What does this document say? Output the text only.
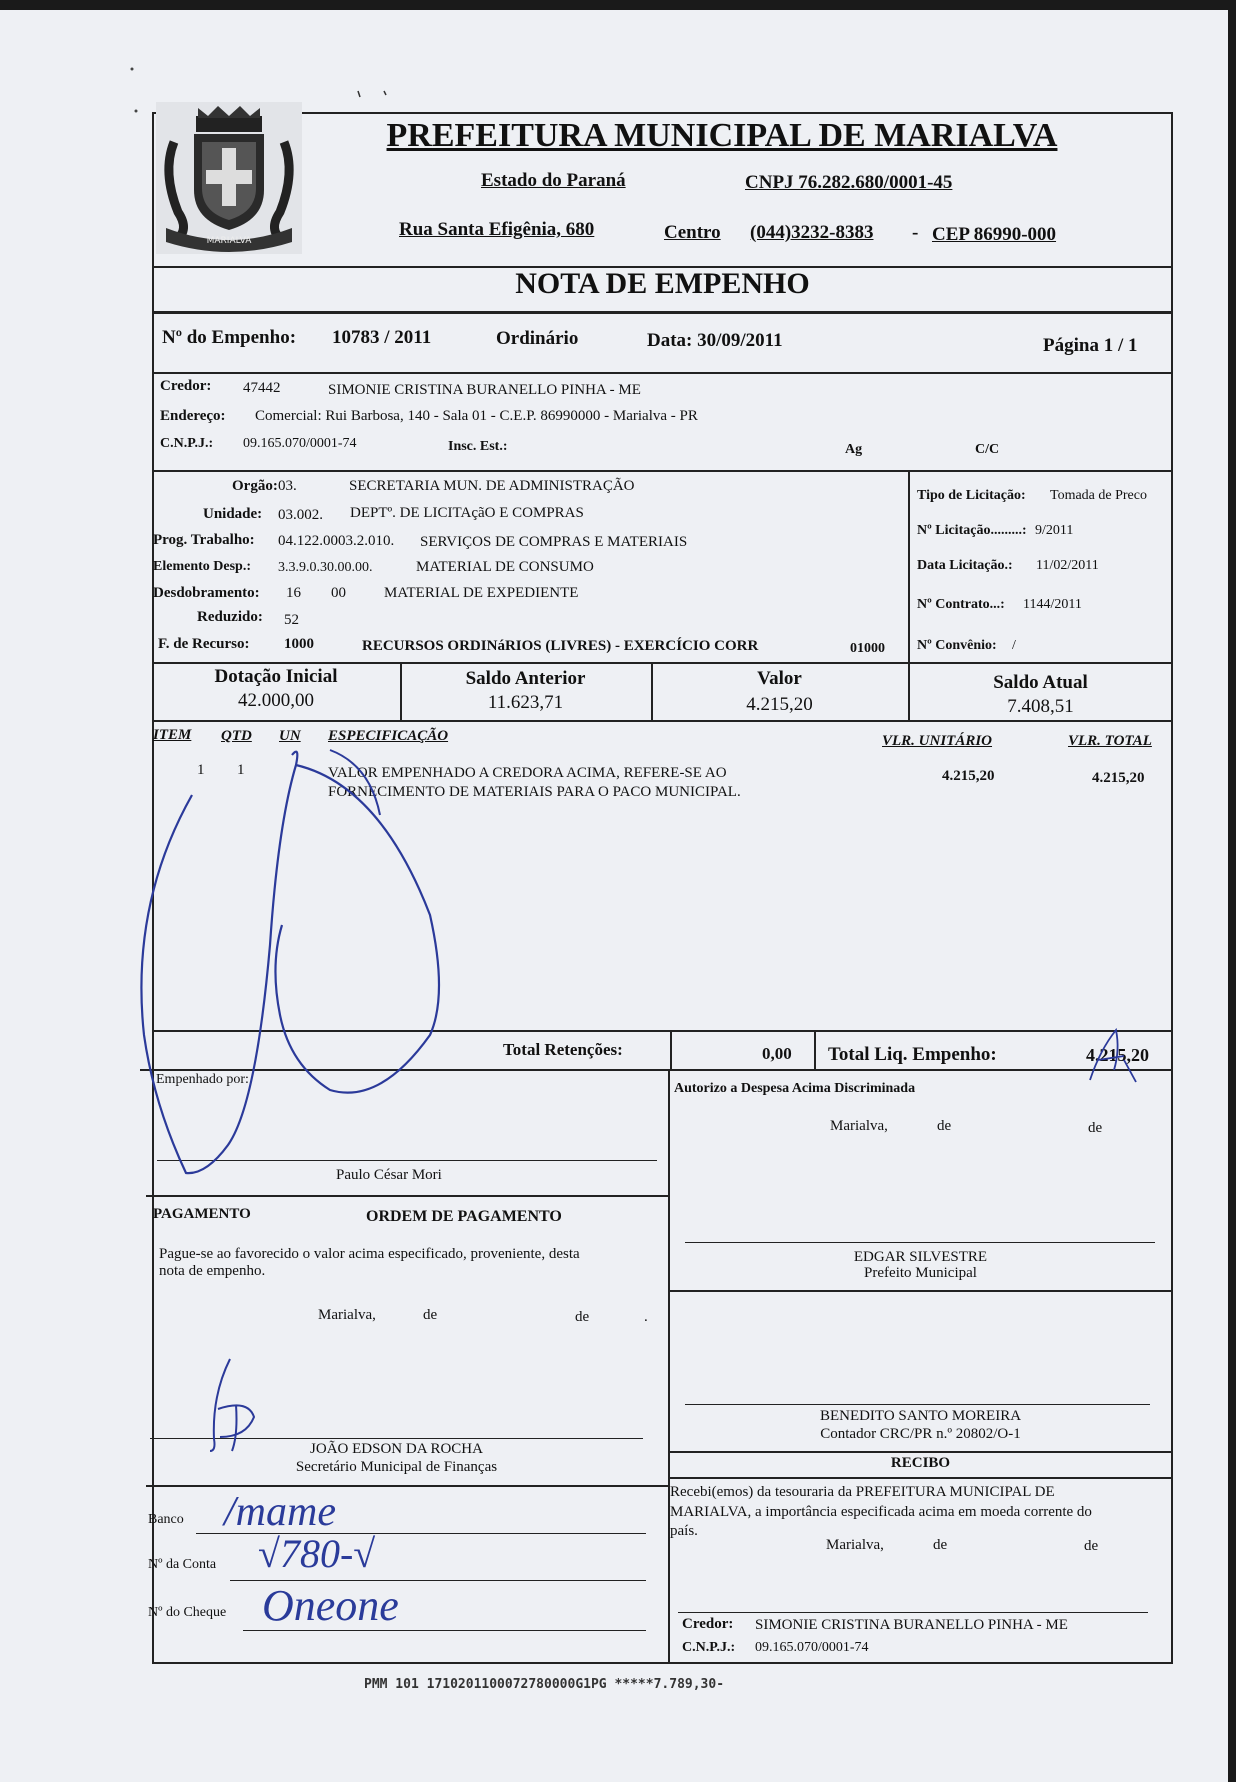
MARIALVA
PREFEITURA MUNICIPAL DE MARIALVA
Estado do Paraná	CNPJ 76.282.680/0001-45
Rua Santa Efigênia, 680	Centro (044)3232-8383 - CEP 86990-000
NOTA DE EMPENHO
Nº do Empenho: 10783 / 2011	Ordinário	Data: 30/09/2011	Página 1 / 1
Credor: 47442	SIMONIE CRISTINA BURANELLO PINHA - ME
Endereço: Comercial: Rui Barbosa, 140 - Sala 01 - C.E.P. 86990000 - Marialva - PR
C.N.P.J.: 09.165.070/0001-74	Insc. Est.:	Ag	C/C
Orgão: 03.	SECRETARIA MUN. DE ADMINISTRAÇÃO
Unidade: 03.002. DEPTº. DE LICITAçãO E COMPRAS
Prog. Trabalho: 04.122.0003.2.010. SERVIÇOS DE COMPRAS E MATERIAIS
Elemento Desp.: 3.3.9.0.30.00.00.	MATERIAL DE CONSUMO
Desdobramento: 16 00	MATERIAL DE EXPEDIENTE
Reduzido: 52
F. de Recurso: 1000	RECURSOS ORDINáRIOS (LIVRES) - EXERCÍCIO CORR	01000
Tipo de Licitação: Tomada de Preco
Nº Licitação.........: 9/2011
Data Licitação.: 11/02/2011
Nº Contrato...: 1144/2011
Nº Convênio: /
Dotação Inicial
42.000,00
Saldo Anterior
11.623,71
Valor
4.215,20
Saldo Atual
7.408,51
ITEM QTD UN ESPECIFICAÇÃO	VLR. UNITÁRIO	VLR. TOTAL
1 1	VALOR EMPENHADO A CREDORA ACIMA, REFERE-SE AO
FORNECIMENTO DE MATERIAIS PARA O PACO MUNICIPAL.
4.215,20	4.215,20
Total Retenções:	0,00 Total Liq. Empenho:	4.215,20
Empenhado por:
Paulo César Mori
Autorizo a Despesa Acima Discriminada
Marialva,	de	de
EDGAR SILVESTRE
Prefeito Municipal
BENEDITO SANTO MOREIRA
Contador CRC/PR n.º 20802/O-1
PAGAMENTO	ORDEM DE PAGAMENTO
Pague-se ao favorecido o valor acima especificado, proveniente, desta
nota de empenho.
Marialva,	de	de	.
JOÃO EDSON DA ROCHA
Secretário Municipal de Finanças
Banco /mame
Nº da Conta √780-√
Nº do Cheque Oneone
RECIBO
Recebi(emos) da tesouraria da PREFEITURA MUNICIPAL DE
MARIALVA, a importância especificada acima em moeda corrente do
país.
Marialva,	de	de
Credor: SIMONIE CRISTINA BURANELLO PINHA - ME
C.N.P.J.: 09.165.070/0001-74
PMM 101 1710201100072780000G1PG *****7.789,30-
